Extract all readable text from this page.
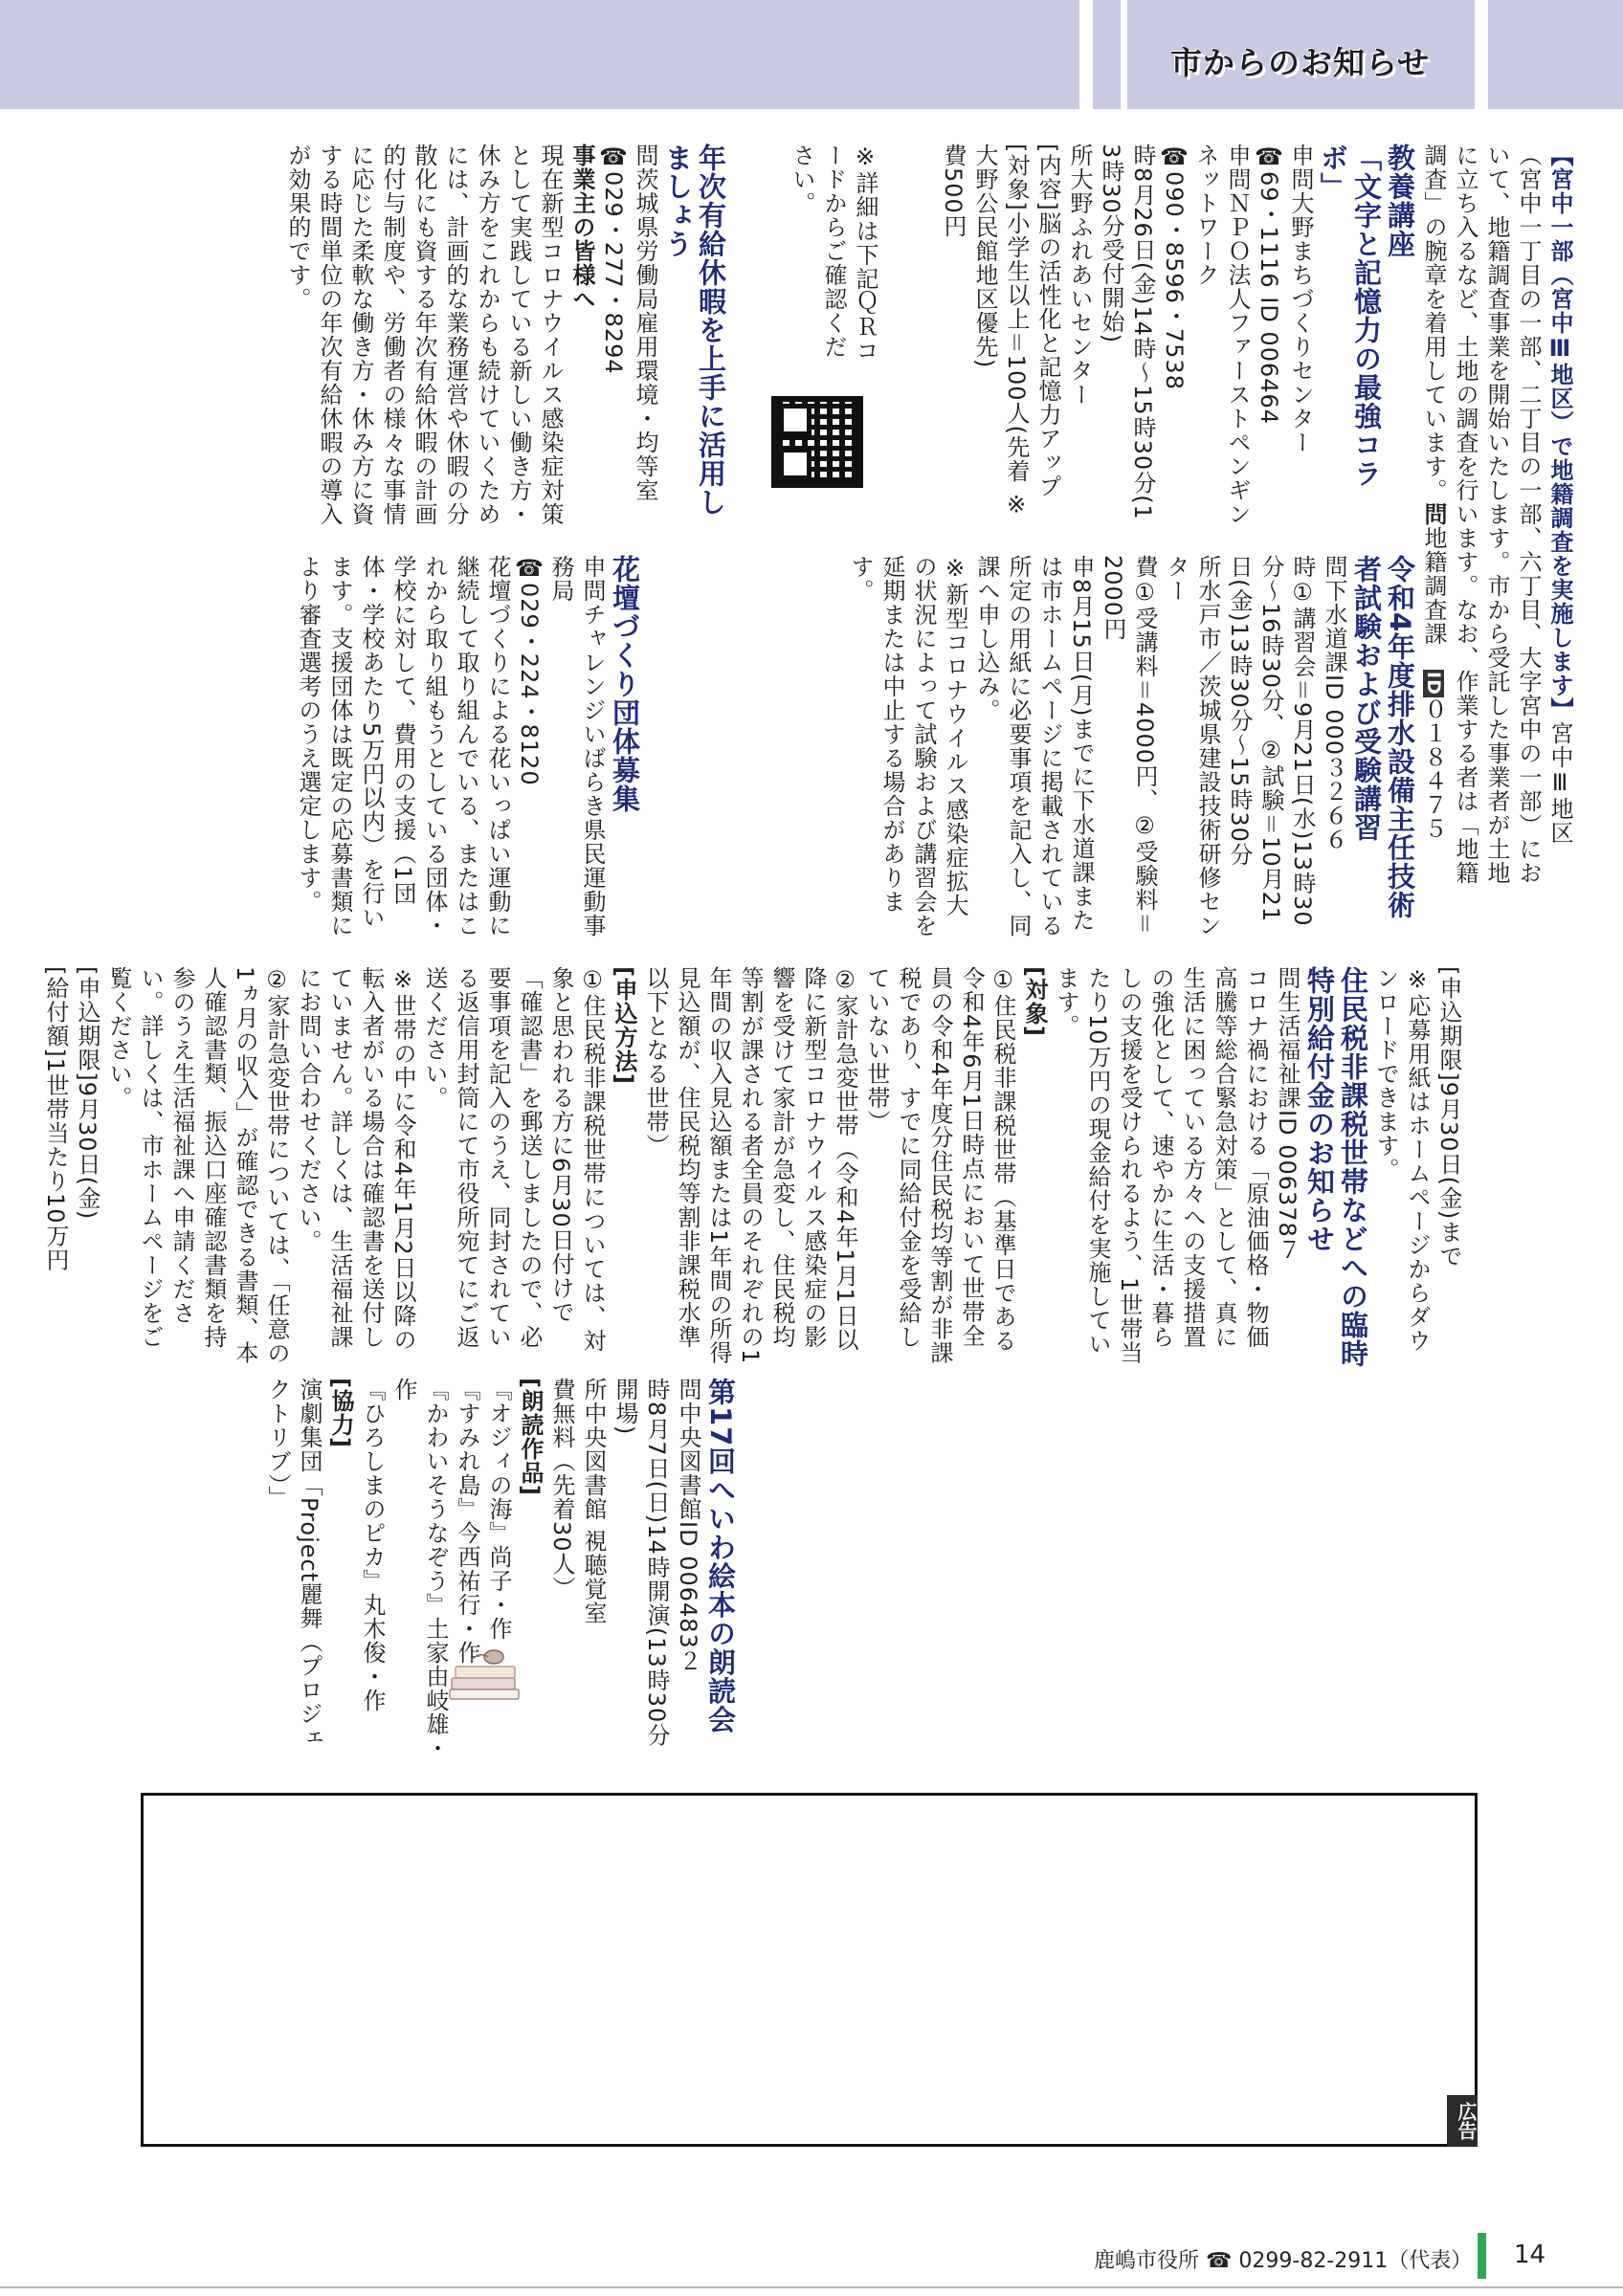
市からのお知らせ

【宮中一部（宮中Ⅲ地区）で地籍調査を実施します】宮中Ⅲ地区（宮中一丁目の一部、二丁目の一部、六丁目、大字宮中の一部）において、地籍調査事業を開始いたします。市から受託した事業者が土地に立ち入るなど、土地の調査を行います。なお、作業する者は「地籍調査」の腕章を着用しています。問地籍調査課　ID０１８４７５

教養講座

「文字と記憶力の最強コラボ」

申問大野まちづくりセンター

☎69・1116 ID 006464

申問ＮＰＯ法人ファーストペンギンネットワーク

☎090・8596・7538

時8月26日(金)14時～15時30分(13時30分受付開始)

所大野ふれあいセンター

[内容]脳の活性化と記憶力アップ

[対象]小学生以上＝100人(先着 ※大野公民館地区優先)

費500円

※詳細は下記ＱＲコードからご確認ください。

年次有給休暇を上手に活用しましょう

問茨城県労働局雇用環境・均等室☎029・277・8294

事業主の皆様へ

現在新型コロナウイルス感染症対策として実践している新しい働き方・休み方をこれからも続けていくためには、計画的な業務運営や休暇の分散化にも資する年次有給休暇の計画的付与制度や、労働者の様々な事情に応じた柔軟な働き方・休み方に資する時間単位の年次有給休暇の導入が効果的です。

令和4年度排水設備主任技術者試験および受験講習

問下水道課ID 000３２６６

時①講習会＝9月21日(水)13時30分～16時30分、②試験＝10月21日(金)13時30分～15時30分

所水戸市／茨城県建設技術研修センター

費①受講料＝4000円、②受験料＝2000円

申8月15日(月)までに下水道課または市ホームページに掲載されている所定の用紙に必要事項を記入し、同課へ申し込み。

※新型コロナウイルス感染症拡大の状況によって試験および講習会を延期または中止する場合があります。

花壇づくり団体募集

申問チャレンジいばらき県民運動事務局

☎029・224・8120

花壇づくりによる花いっぱい運動に継続して取り組んでいる、またはこれから取り組もうとしている団体・学校に対して、費用の支援（1団体・学校あたり5万円以内）を行います。支援団体は既定の応募書類により審査選考のうえ選定します。

[申込期限]9月30日(金)まで

※応募用紙はホームページからダウンロードできます。

住民税非課税世帯などへの臨時特別給付金のお知らせ

問生活福祉課ID 006378７

コロナ禍における「原油価格・物価高騰等総合緊急対策」として、真に生活に困っている方々への支援措置の強化として、速やかに生活・暮らしの支援を受けられるよう、1世帯当たり10万円の現金給付を実施しています。

[対象]

①住民税非課税世帯（基準日である令和4年6月1日時点において世帯全員の令和4年度分住民税均等割が非課税であり、すでに同給付金を受給していない世帯）

②家計急変世帯（令和4年1月1日以降に新型コロナウイルス感染症の影響を受けて家計が急変し、住民税均等割が課される者全員のそれぞれの1年間の収入見込額または1年間の所得見込額が、住民税均等割非課税水準以下となる世帯）

[申込方法]

①住民税非課税世帯については、対象と思われる方に6月30日付けで「確認書」を郵送しましたので、必要事項を記入のうえ、同封されている返信用封筒にて市役所宛てにご返送ください。

※世帯の中に令和4年1月2日以降の転入者がいる場合は確認書を送付していません。詳しくは、生活福祉課にお問い合わせください。

②家計急変世帯については、「任意の1ヵ月の収入」が確認できる書類、本人確認書類、振込口座確認書類を持参のうえ生活福祉課へ申請ください。詳しくは、市ホームページをご覧ください。

[申込期限]9月30日(金)

[給付額]1世帯当たり10万円

第17回へいわ絵本の朗読会

問中央図書館ID 006483２

時8月7日(日)14時開演(13時30分開場)

所中央図書館 視聴覚室

費無料（先着30人）

[朗読作品]

『オジィの海』尚子・作

『すみれ島』今西祐行・作

『かわいそうなぞう』土家由岐雄・作

『ひろしまのピカ』丸木俊・作

[協力]

演劇集団「Project麗舞（プロジェクトリブ）」

広告
鹿嶋市役所 ☎ 0299-82-2911（代表） 14
